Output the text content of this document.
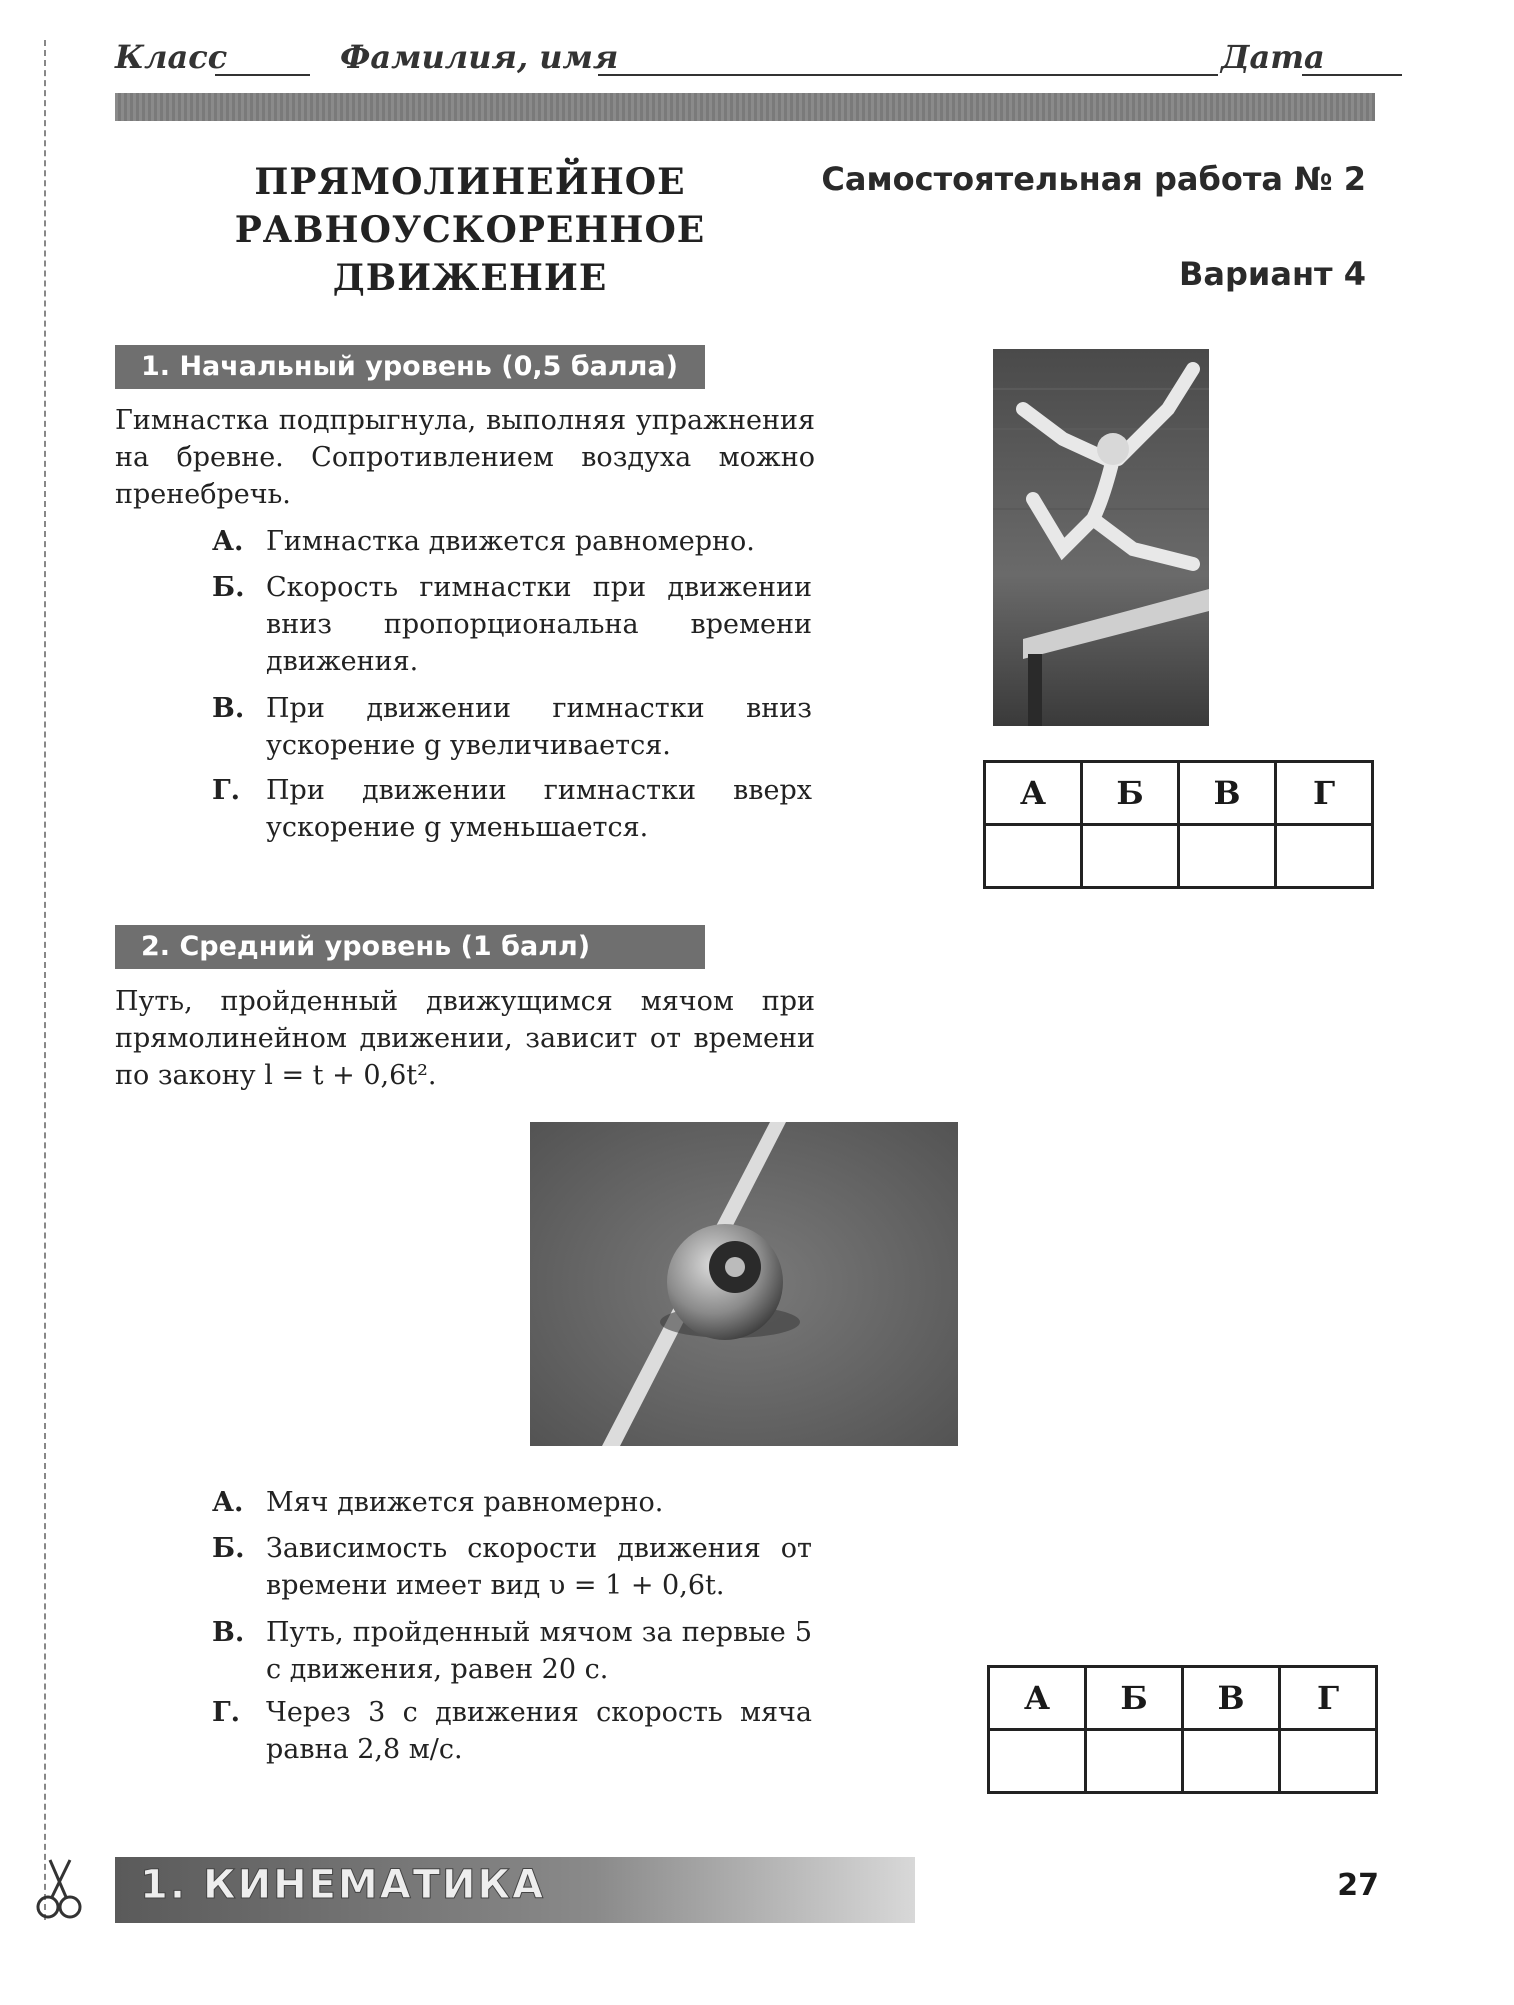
Класс	Фамилия, имя	Дата
ПРЯМОЛИНЕЙНОЕ РАВНОУСКОРЕННОЕ ДВИЖЕНИЕ
Самостоятельная работа № 2
Вариант 4
1. Начальный уровень (0,5 балла)
Гимнастка подпрыгнула, выполняя упражнения на бревне. Сопротивлением воздуха можно пренебречь.
А. Гимнастка движется равномерно.
Б. Скорость гимнастки при движении вниз пропорциональна времени движения.
В. При движении гимнастки вниз ускорение g увеличивается.
Г. При движении гимнастки вверх ускорение g уменьшается.
А	Б	В	Г

2. Средний уровень (1 балл)
Путь, пройденный движущимся мячом при прямолинейном движении, зависит от времени по закону l = t + 0,6t².
А. Мяч движется равномерно.
Б. Зависимость скорости движения от времени имеет вид υ = 1 + 0,6t.
В. Путь, пройденный мячом за первые 5 с движения, равен 20 с.
Г. Через 3 с движения скорость мяча равна 2,8 м/с.
А	Б	В	Г

1. КИНЕМАТИКА	27
